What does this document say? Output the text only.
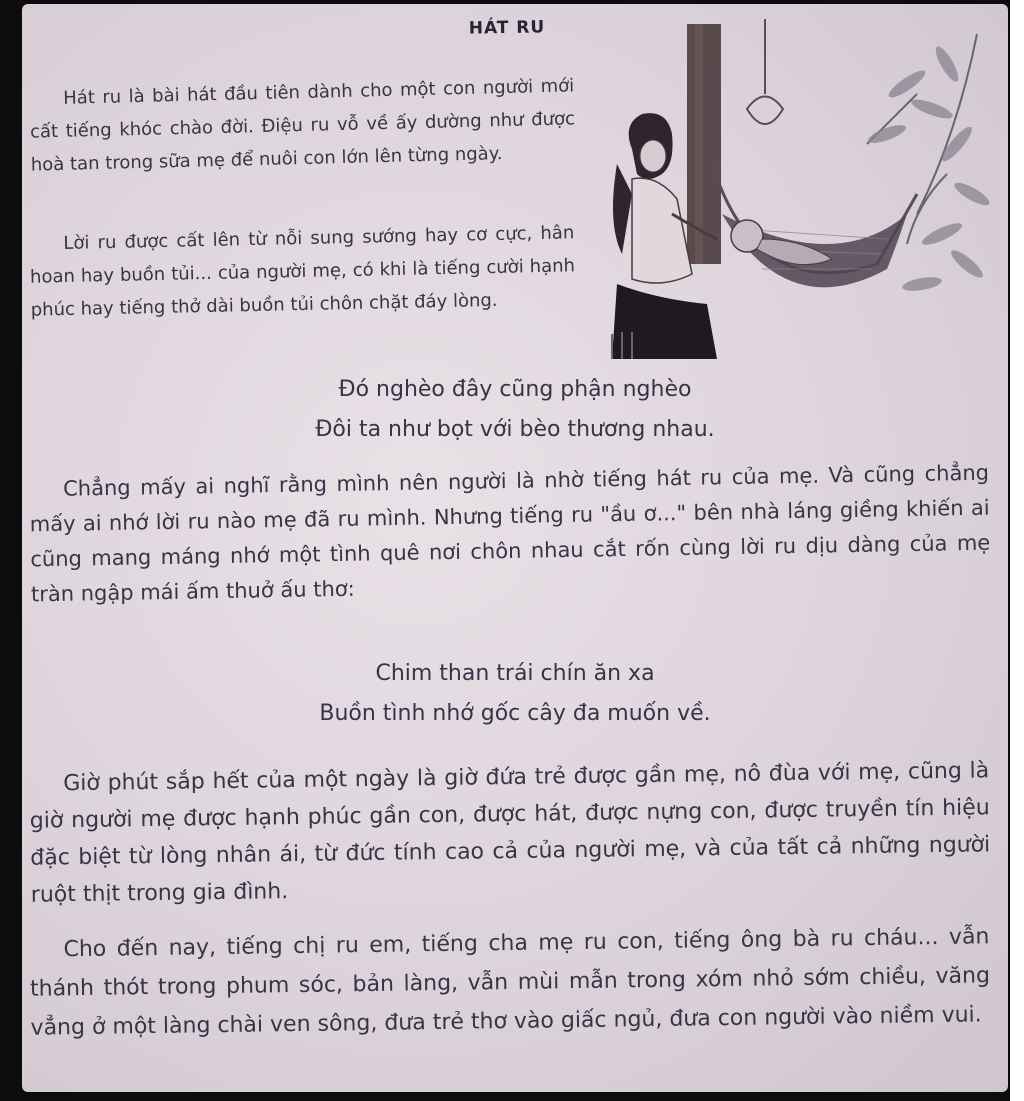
HÁT RU

Hát ru là bài hát đầu tiên dành cho một con người mới cất tiếng khóc chào đời. Điệu ru vỗ về ấy dường như được hoà tan trong sữa mẹ để nuôi con lớn lên từng ngày.

Lời ru được cất lên từ nỗi sung sướng hay cơ cực, hân hoan hay buồn tủi... của người mẹ, có khi là tiếng cười hạnh phúc hay tiếng thở dài buồn tủi chôn chặt đáy lòng.

Đó nghèo đây cũng phận nghèo
Đôi ta như bọt với bèo thương nhau.

Chẳng mấy ai nghĩ rằng mình nên người là nhờ tiếng hát ru của mẹ. Và cũng chẳng mấy ai nhớ lời ru nào mẹ đã ru mình. Nhưng tiếng ru "ầu ơ..." bên nhà láng giềng khiến ai cũng mang máng nhớ một tình quê nơi chôn nhau cắt rốn cùng lời ru dịu dàng của mẹ tràn ngập mái ấm thuở ấu thơ:

Chim than trái chín ăn xa
Buồn tình nhớ gốc cây đa muốn về.

Giờ phút sắp hết của một ngày là giờ đứa trẻ được gần mẹ, nô đùa với mẹ, cũng là giờ người mẹ được hạnh phúc gần con, được hát, được nựng con, được truyền tín hiệu đặc biệt từ lòng nhân ái, từ đức tính cao cả của người mẹ, và của tất cả những người ruột thịt trong gia đình.

Cho đến nay, tiếng chị ru em, tiếng cha mẹ ru con, tiếng ông bà ru cháu... vẫn thánh thót trong phum sóc, bản làng, vẫn mùi mẫn trong xóm nhỏ sớm chiều, văng vẳng ở một làng chài ven sông, đưa trẻ thơ vào giấc ngủ, đưa con người vào niềm vui.
